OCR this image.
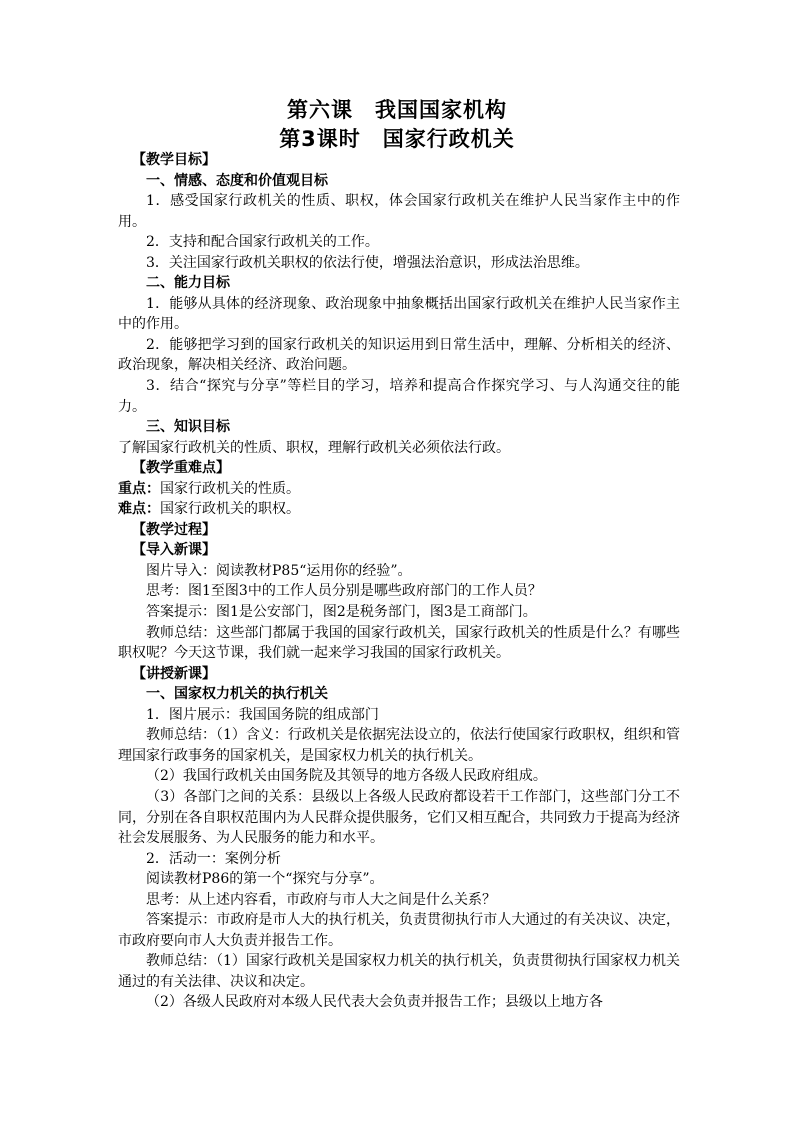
第六课　我国国家机构
第3课时　国家行政机关

【教学目标】

一、情感、态度和价值观目标

1．感受国家行政机关的性质、职权，体会国家行政机关在维护人民当家作主中的作用。

2．支持和配合国家行政机关的工作。

3．关注国家行政机关职权的依法行使，增强法治意识，形成法治思维。

二、能力目标

1．能够从具体的经济现象、政治现象中抽象概括出国家行政机关在维护人民当家作主中的作用。

2．能够把学习到的国家行政机关的知识运用到日常生活中，理解、分析相关的经济、政治现象，解决相关经济、政治问题。

3．结合“探究与分享”等栏目的学习，培养和提高合作探究学习、与人沟通交往的能力。

三、知识目标

了解国家行政机关的性质、职权，理解行政机关必须依法行政。

【教学重难点】

重点：国家行政机关的性质。

难点：国家行政机关的职权。

【教学过程】

【导入新课】

图片导入：阅读教材P85“运用你的经验”。

思考：图1至图3中的工作人员分别是哪些政府部门的工作人员？

答案提示：图1是公安部门，图2是税务部门，图3是工商部门。

教师总结：这些部门都属于我国的国家行政机关，国家行政机关的性质是什么？有哪些职权呢？今天这节课，我们就一起来学习我国的国家行政机关。

【讲授新课】

一、国家权力机关的执行机关

1．图片展示：我国国务院的组成部门

教师总结：（1）含义：行政机关是依据宪法设立的，依法行使国家行政职权，组织和管理国家行政事务的国家机关，是国家权力机关的执行机关。

（2）我国行政机关由国务院及其领导的地方各级人民政府组成。

（3）各部门之间的关系：县级以上各级人民政府都设若干工作部门，这些部门分工不同，分别在各自职权范围内为人民群众提供服务，它们又相互配合，共同致力于提高为经济社会发展服务、为人民服务的能力和水平。

2．活动一：案例分析

阅读教材P86的第一个“探究与分享”。

思考：从上述内容看，市政府与市人大之间是什么关系？

答案提示：市政府是市人大的执行机关，负责贯彻执行市人大通过的有关决议、决定，市政府要向市人大负责并报告工作。

教师总结：（1）国家行政机关是国家权力机关的执行机关，负责贯彻执行国家权力机关通过的有关法律、决议和决定。

（2）各级人民政府对本级人民代表大会负责并报告工作；县级以上地方各
